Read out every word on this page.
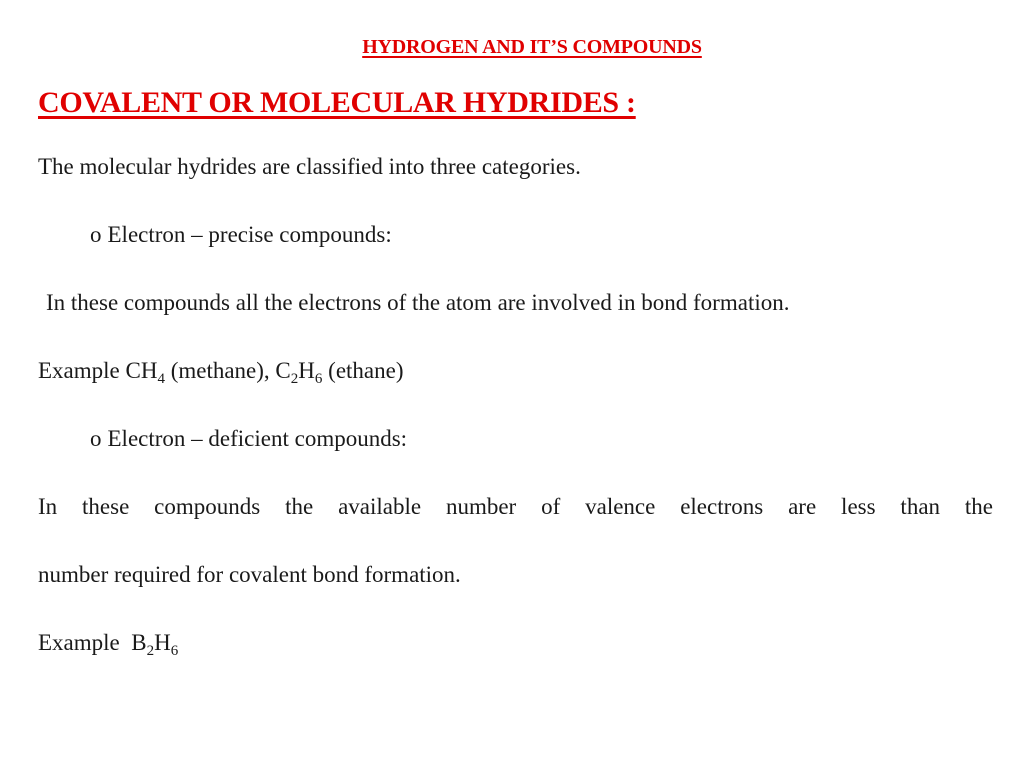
HYDROGEN AND IT’S COMPOUNDS
COVALENT OR MOLECULAR HYDRIDES :
The molecular hydrides are classified into three categories.
o Electron – precise compounds:
In these compounds all the electrons of the atom are involved in bond formation.
Example $CH_4$ (methane), $C_2H_6$ (ethane)
o Electron – deficient compounds:
In these compounds the available number of valence electrons are less than the
number required for covalent bond formation.
Example  $B_2H_6$
